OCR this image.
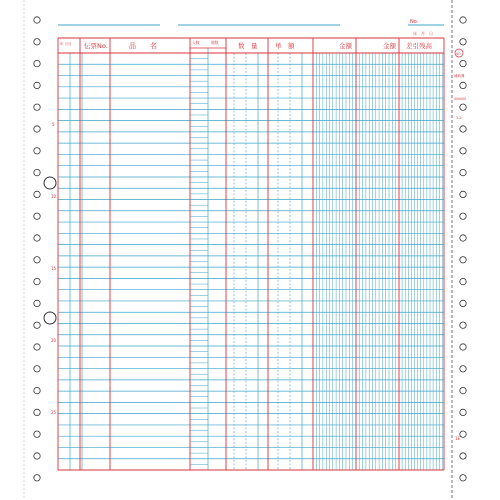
No.
年　月　日
年 月日 伝票No.	品　　名	入数	箱数	数　量	単　額	金額	金額 差引残高
5
10
15
20
25
00
補助簿
000000
1-2
1E
